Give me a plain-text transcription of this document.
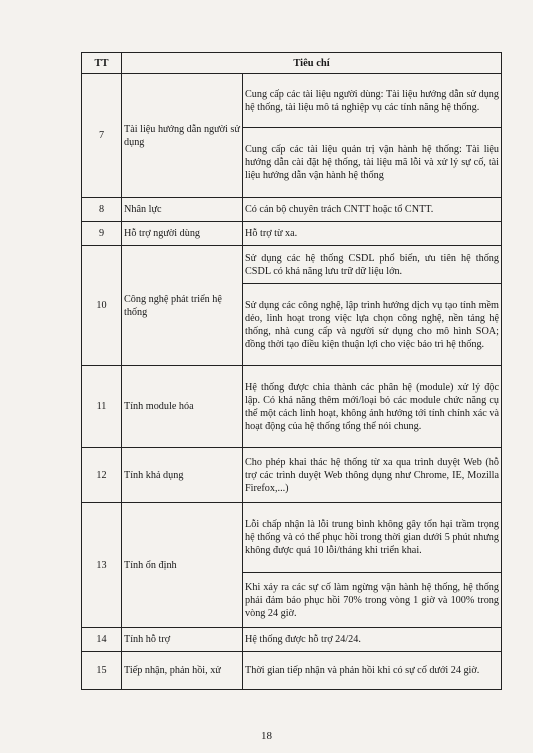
TT	Tiêu chí	
7	Tài liệu hướng dẫn người sử dụng	Cung cấp các tài liệu người dùng: Tài liệu hướng dẫn sử dụng hệ thống, tài liệu mô tả nghiệp vụ các tính năng hệ thống.
		Cung cấp các tài liệu quản trị vận hành hệ thống: Tài liệu hướng dẫn cài đặt hệ thống, tài liệu mã lỗi và xử lý sự cố, tài liệu hướng dẫn vận hành hệ thống
8	Nhân lực	Có cán bộ chuyên trách CNTT hoặc tổ CNTT.
9	Hỗ trợ người dùng	Hỗ trợ từ xa.
10	Công nghệ phát triển hệ thống	Sử dụng các hệ thống CSDL phổ biến, ưu tiên hệ thống CSDL có khả năng lưu trữ dữ liệu lớn.
		Sử dụng các công nghệ, lập trình hướng dịch vụ tạo tính mềm dẻo, linh hoạt trong việc lựa chọn công nghệ, nền tảng hệ thống, nhà cung cấp và người sử dụng cho mô hình SOA; đồng thời tạo điều kiện thuận lợi cho việc bảo trì hệ thống.
11	Tính module hóa	Hệ thống được chia thành các phân hệ (module) xử lý độc lập. Có khả năng thêm mới/loại bỏ các module chức năng cụ thể một cách linh hoạt, không ảnh hưởng tới tính chính xác và hoạt động của hệ thống tổng thể nói chung.
12	Tính khả dụng	Cho phép khai thác hệ thống từ xa qua trình duyệt Web (hỗ trợ các trình duyệt Web thông dụng như Chrome, IE, Mozilla Firefox,...)
13	Tính ổn định	Lỗi chấp nhận là lỗi trung bình không gây tổn hại trầm trọng hệ thống và có thể phục hồi trong thời gian dưới 5 phút nhưng không được quá 10 lỗi/tháng khi triển khai.
		Khi xảy ra các sự cố làm ngừng vận hành hệ thống, hệ thống phải đảm bảo phục hồi 70% trong vòng 1 giờ và 100% trong vòng 24 giờ.
14	Tính hỗ trợ	Hệ thống được hỗ trợ 24/24.
15	Tiếp nhận, phản hồi, xử	Thời gian tiếp nhận và phản hồi khi có sự cố dưới 24 giờ.
18
